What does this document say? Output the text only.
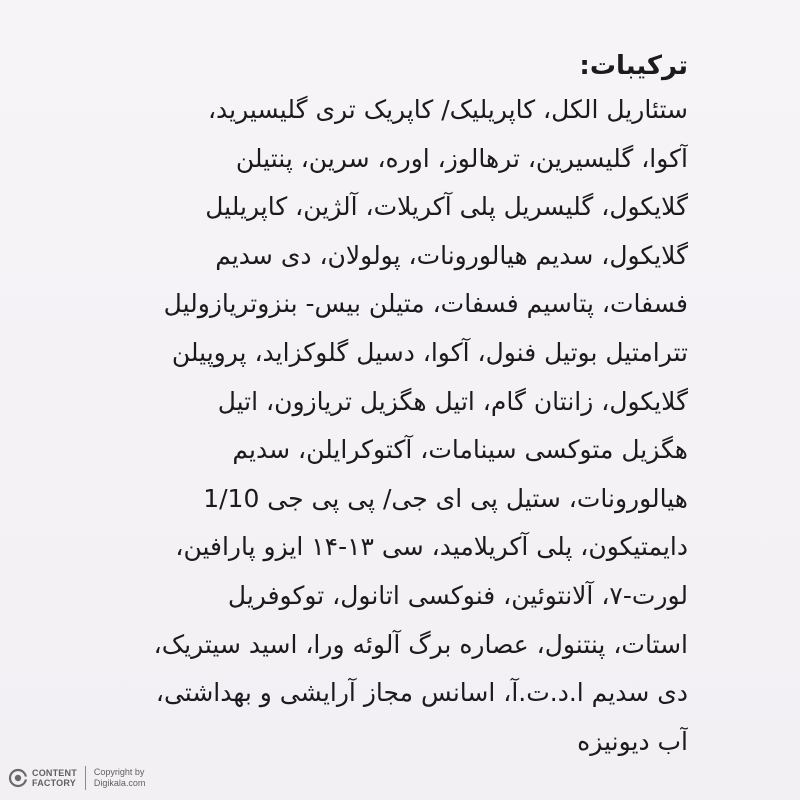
ترکیبات:
ستئاریل الکل، کاپریلیک/ کاپریک تری گلیسیرید،
آکوا، گلیسیرین، ترهالوز، اوره، سرین، پنتیلن
گلایکول، گلیسریل پلی آکریلات، آلژین، کاپریلیل
گلایکول، سدیم هیالورونات، پولولان، دی سدیم
فسفات، پتاسیم فسفات، متیلن بیس- بنزوتریازولیل
تترامتیل بوتیل فنول، آکوا، دسیل گلوکزاید، پروپیلن
گلایکول، زانتان گام، اتیل هگزیل تریازون، اتیل
هگزیل متوکسی سینامات، آکتوکرایلن، سدیم
هیالورونات، ستیل پی ای جی/ پی پی جی 1/10
دایمتیکون، پلی آکریلامید، سی ۱۳-۱۴ ایزو پارافین،
لورت-۷، آلانتوئین، فنوکسی اتانول، توکوفریل
استات، پنتنول، عصاره برگ آلوئه ورا، اسید سیتریک،
دی سدیم ا.د.ت.آ، اسانس مجاز آرایشی و بهداشتی،
آب دیونیزه
CONTENT
FACTORY
Copyright by
Digikala.com
